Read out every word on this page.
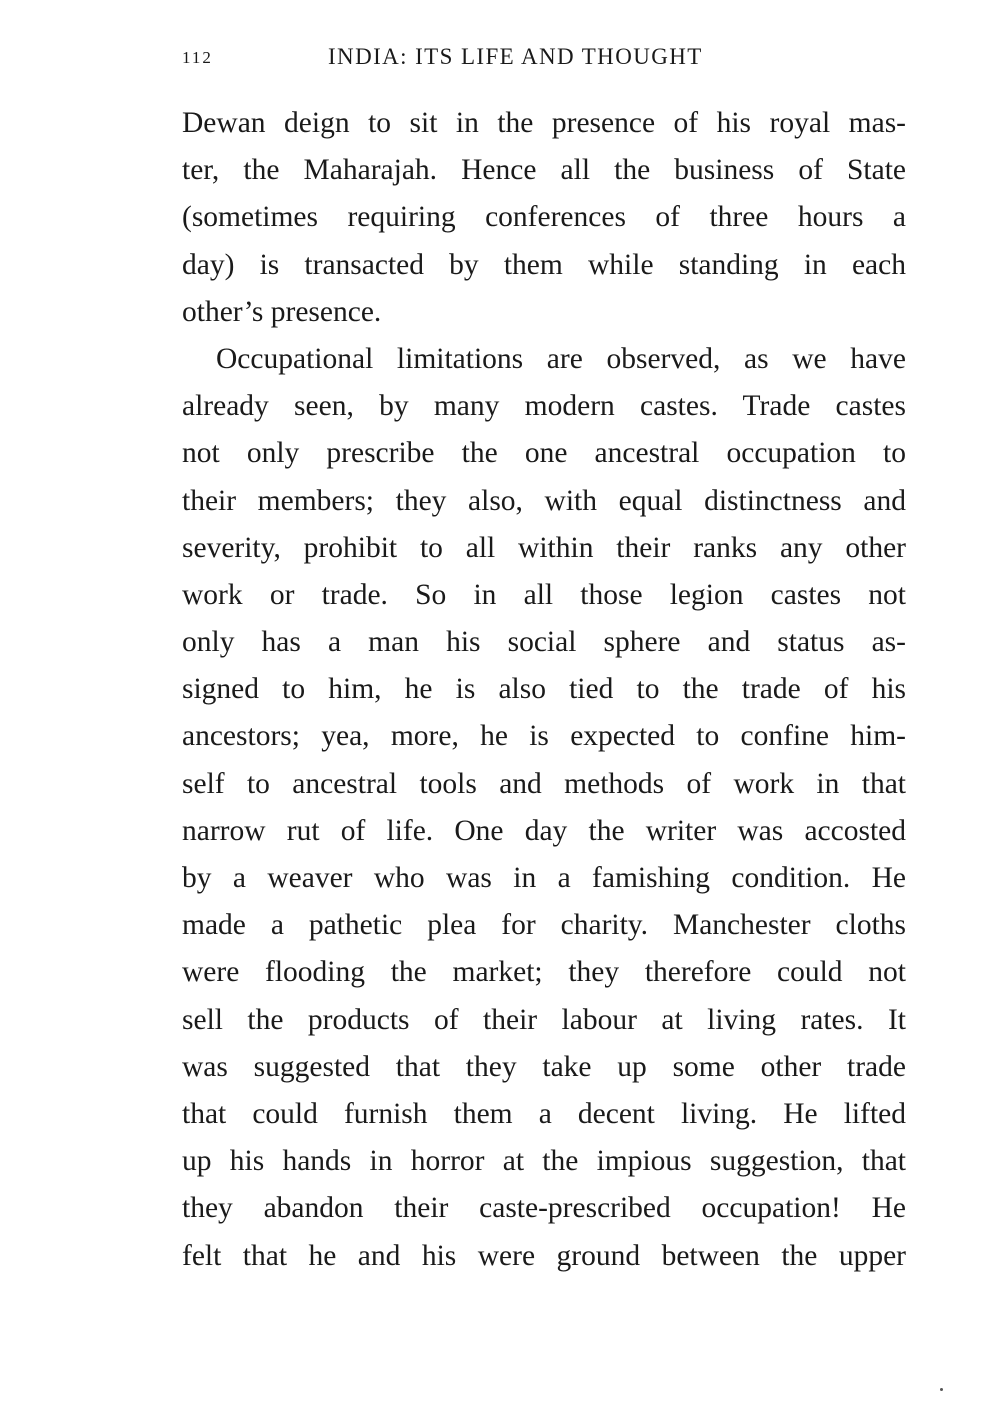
112	INDIA: ITS LIFE AND THOUGHT
Dewan deign to sit in the presence of his royal mas-
ter, the Maharajah. Hence all the business of State
(sometimes requiring conferences of three hours a
day) is transacted by them while standing in each
other’s presence.
Occupational limitations are observed, as we have
already seen, by many modern castes. Trade castes
not only prescribe the one ancestral occupation to
their members; they also, with equal distinctness and
severity, prohibit to all within their ranks any other
work or trade. So in all those legion castes not
only has a man his social sphere and status as-
signed to him, he is also tied to the trade of his
ancestors; yea, more, he is expected to confine him-
self to ancestral tools and methods of work in that
narrow rut of life. One day the writer was accosted
by a weaver who was in a famishing condition. He
made a pathetic plea for charity. Manchester cloths
were flooding the market; they therefore could not
sell the products of their labour at living rates. It
was suggested that they take up some other trade
that could furnish them a decent living. He lifted
up his hands in horror at the impious suggestion, that
they abandon their caste-prescribed occupation! He
felt that he and his were ground between the upper
